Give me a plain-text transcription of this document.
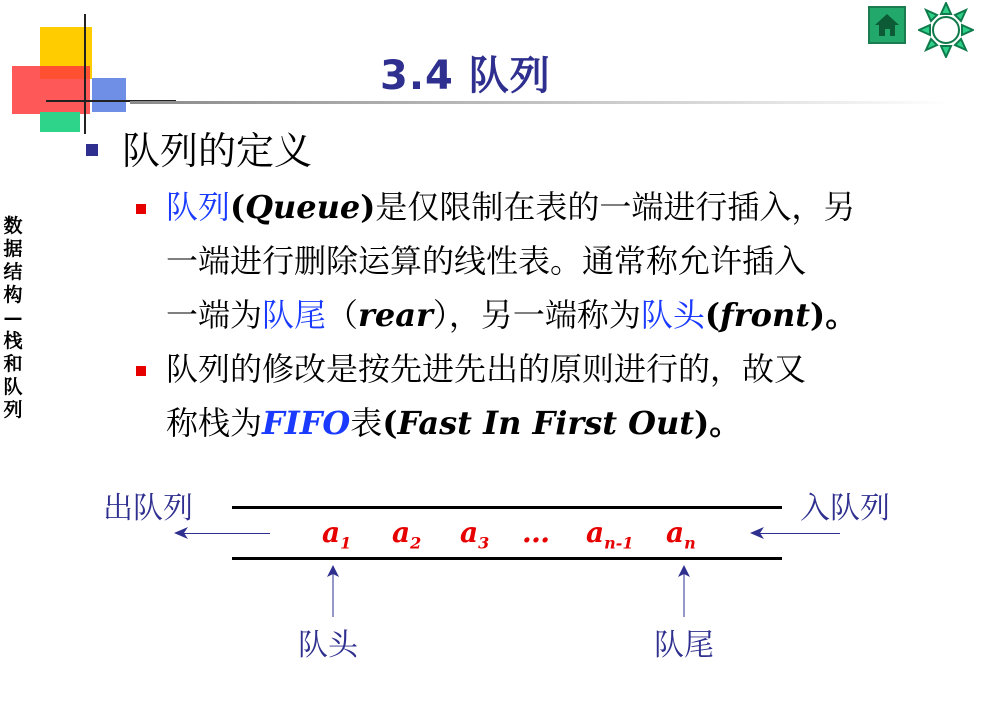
3.4 队列
数
据
结
构
—
栈
和
队
列
队列的定义
队列(Queue)是仅限制在表的一端进行插入，另
一端进行删除运算的线性表。通常称允许插入
一端为队尾（rear），另一端称为队头(front)。
队列的修改是按先进先出的原则进行的，故又
称栈为FIFO表(Fast In First Out)。
出队列	入队列
$a_1$ $a_2$ $a_3$ … $a_{n-1}$ $a_n$
队头	队尾
